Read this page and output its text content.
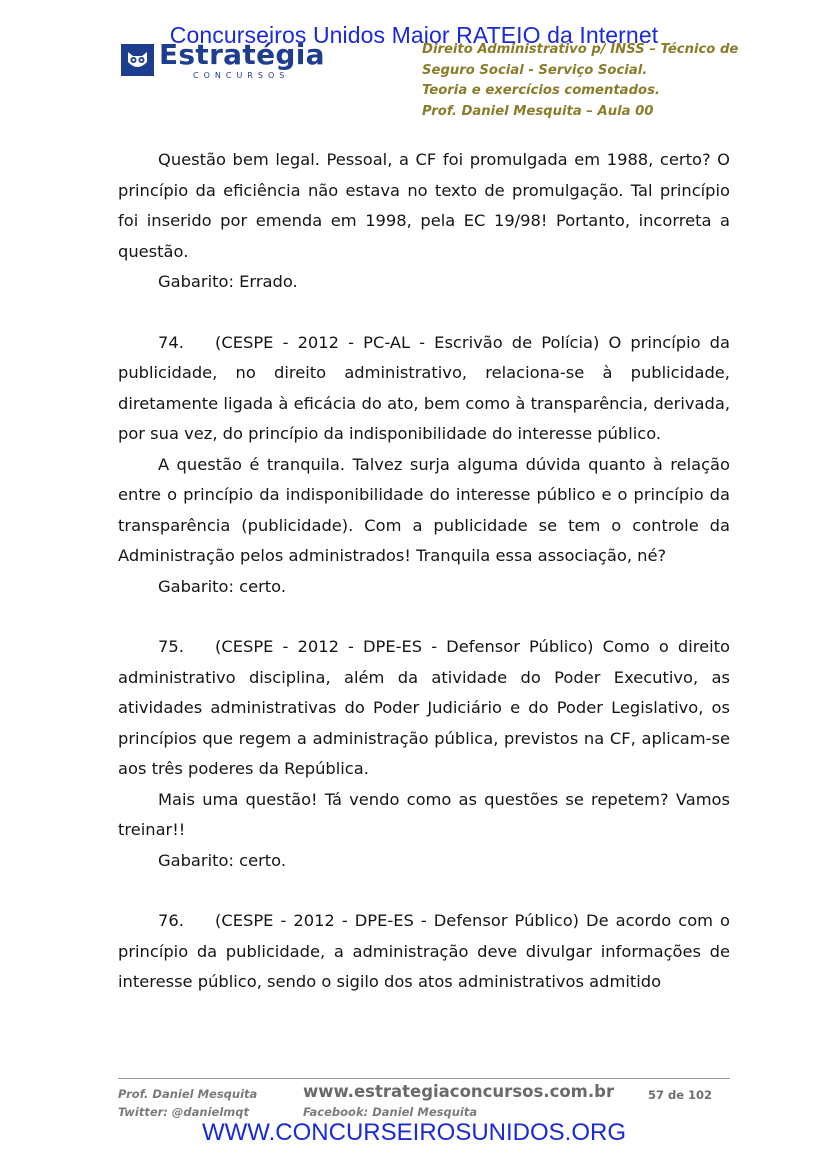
Concurseiros Unidos Maior RATEIO da Internet
Estratégia
CONCURSOS
Direito Administrativo p/ INSS – Técnico de
Seguro Social - Serviço Social.
Teoria e exercícios comentados.
Prof. Daniel Mesquita – Aula 00

Questão bem legal. Pessoal, a CF foi promulgada em 1988, certo? O princípio da eficiência não estava no texto de promulgação. Tal princípio foi inserido por emenda em 1998, pela EC 19/98! Portanto, incorreta a questão.

Gabarito: Errado.

74. (CESPE - 2012 - PC-AL - Escrivão de Polícia) O princípio da publicidade, no direito administrativo, relaciona-se à publicidade, diretamente ligada à eficácia do ato, bem como à transparência, derivada, por sua vez, do princípio da indisponibilidade do interesse público.

A questão é tranquila. Talvez surja alguma dúvida quanto à relação entre o princípio da indisponibilidade do interesse público e o princípio da transparência (publicidade). Com a publicidade se tem o controle da Administração pelos administrados! Tranquila essa associação, né?

Gabarito: certo.

75. (CESPE - 2012 - DPE-ES - Defensor Público) Como o direito administrativo disciplina, além da atividade do Poder Executivo, as atividades administrativas do Poder Judiciário e do Poder Legislativo, os princípios que regem a administração pública, previstos na CF, aplicam-se aos três poderes da República.

Mais uma questão! Tá vendo como as questões se repetem? Vamos treinar!!

Gabarito: certo.

76. (CESPE - 2012 - DPE-ES - Defensor Público) De acordo com o princípio da publicidade, a administração deve divulgar informações de interesse público, sendo o sigilo dos atos administrativos admitido

Prof. Daniel Mesquita
Twitter: @danielmqt
www.estrategiaconcursos.com.br
Facebook: Daniel Mesquita
57 de 102
WWW.CONCURSEIROSUNIDOS.ORG
